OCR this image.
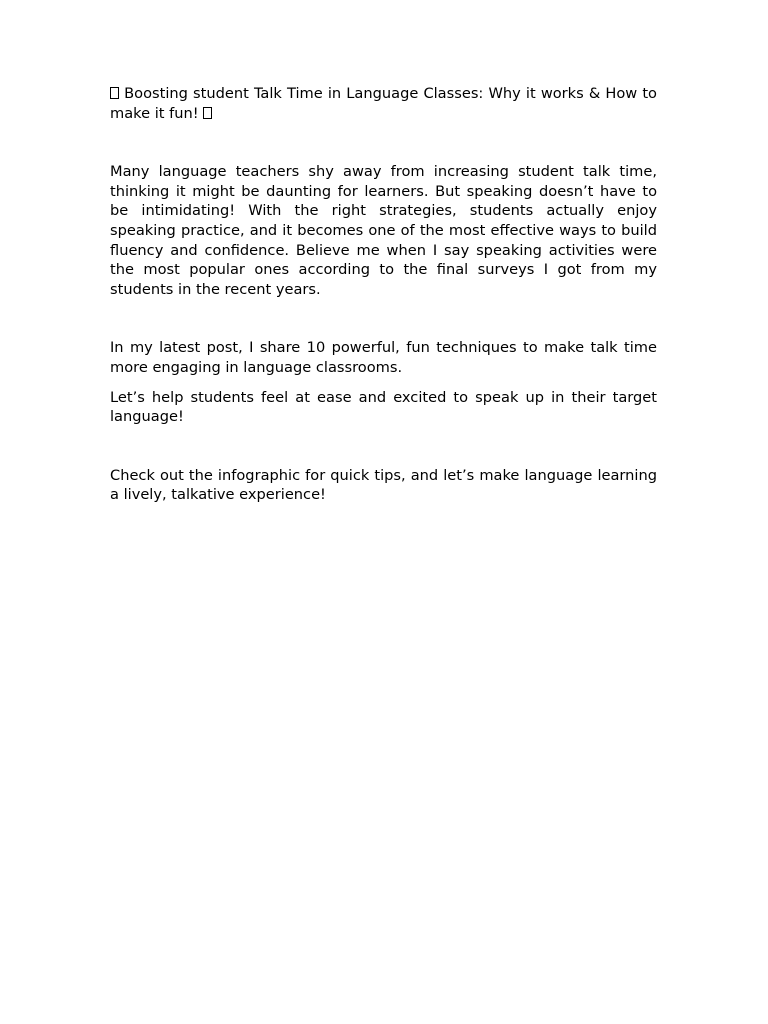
Boosting student Talk Time in Language Classes: Why it works & How to make it fun!

Many language teachers shy away from increasing student talk time, thinking it might be daunting for learners. But speaking doesn’t have to be intimidating! With the right strategies, students actually enjoy speaking practice, and it becomes one of the most effective ways to build fluency and confidence. Believe me when I say speaking activities were the most popular ones according to the final surveys I got from my students in the recent years.

In my latest post, I share 10 powerful, fun techniques to make talk time more engaging in language classrooms.

Let’s help students feel at ease and excited to speak up in their target language!

Check out the infographic for quick tips, and let’s make language learning a lively, talkative experience!
